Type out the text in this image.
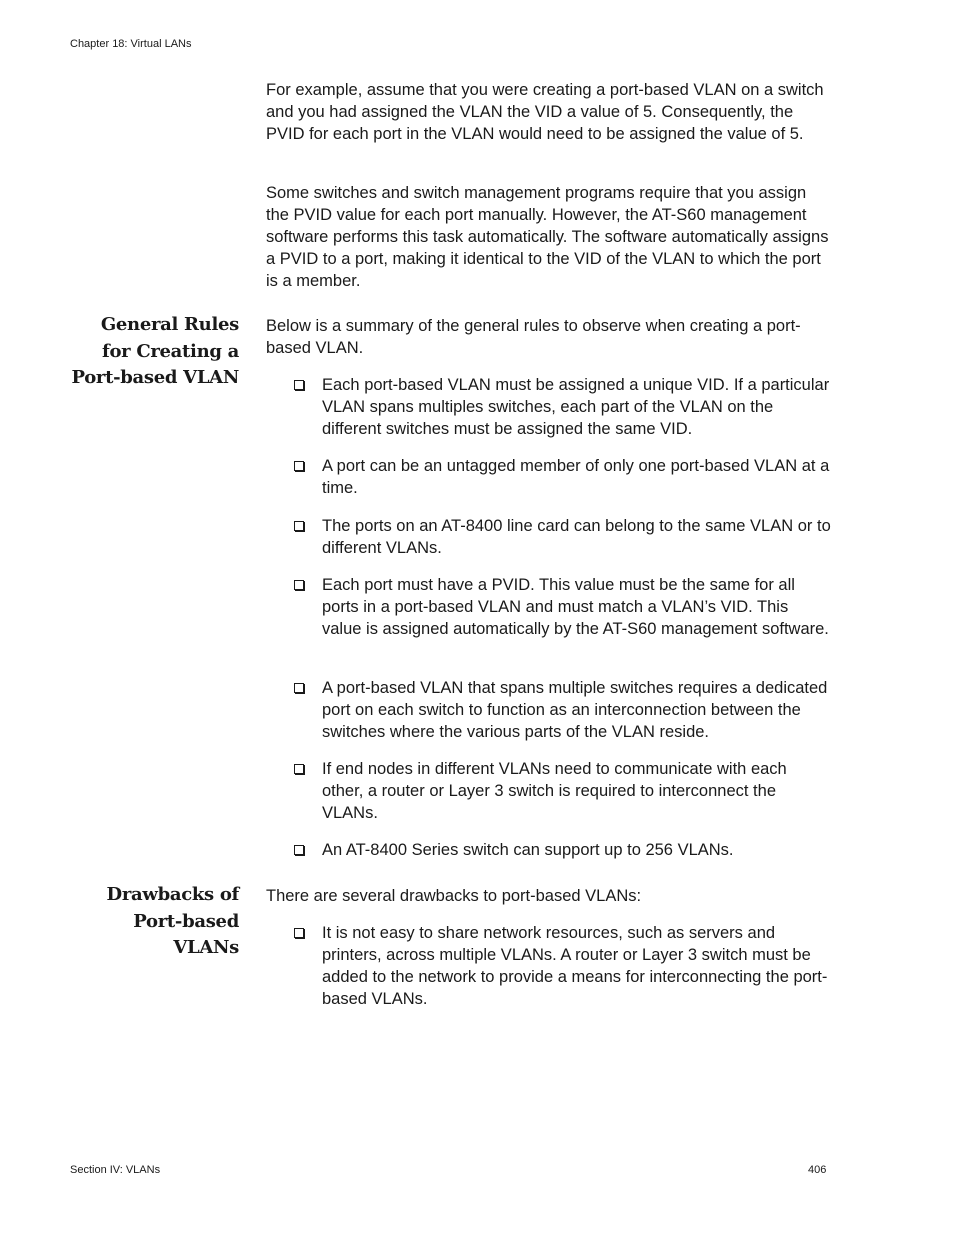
Chapter 18: Virtual LANs

For example, assume that you were creating a port-based VLAN on a switch and you had assigned the VLAN the VID a value of 5. Consequently, the PVID for each port in the VLAN would need to be assigned the value of 5.

Some switches and switch management programs require that you assign the PVID value for each port manually. However, the AT-S60 management software performs this task automatically. The software automatically assigns a PVID to a port, making it identical to the VID of the VLAN to which the port is a member.

General Rules for Creating a Port-based VLAN

Below is a summary of the general rules to observe when creating a port-based VLAN.

Each port-based VLAN must be assigned a unique VID. If a particular VLAN spans multiples switches, each part of the VLAN on the different switches must be assigned the same VID.
A port can be an untagged member of only one port-based VLAN at a time.
The ports on an AT-8400 line card can belong to the same VLAN or to different VLANs.
Each port must have a PVID. This value must be the same for all ports in a port-based VLAN and must match a VLAN’s VID. This value is assigned automatically by the AT-S60 management software.
A port-based VLAN that spans multiple switches requires a dedicated port on each switch to function as an interconnection between the switches where the various parts of the VLAN reside.
If end nodes in different VLANs need to communicate with each other, a router or Layer 3 switch is required to interconnect the VLANs.
An AT-8400 Series switch can support up to 256 VLANs.
Drawbacks of Port-based VLANs

There are several drawbacks to port-based VLANs:

It is not easy to share network resources, such as servers and printers, across multiple VLANs. A router or Layer 3 switch must be added to the network to provide a means for interconnecting the port-based VLANs.
Section IV: VLANs	406
